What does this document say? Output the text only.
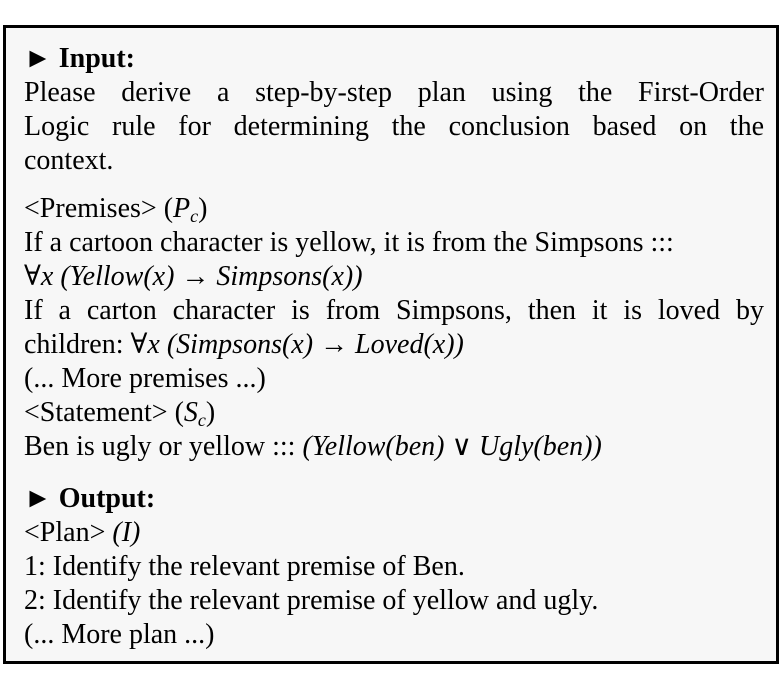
► Input:
Please derive a step-by-step plan using the First-Order
Logic rule for determining the conclusion based on the
context.
<Premises> $(P_c)$
If a cartoon character is yellow, it is from the Simpsons :::
∀x (Yellow(x) → Simpsons(x))
If a carton character is from Simpsons, then it is loved by
children: ∀x (Simpsons(x) → Loved(x))
(... More premises ...)
<Statement> $(S_c)$
Ben is ugly or yellow ::: (Yellow(ben) ∨ Ugly(ben))
► Output:
<Plan> (I)
1: Identify the relevant premise of Ben.
2: Identify the relevant premise of yellow and ugly.
(... More plan ...)
